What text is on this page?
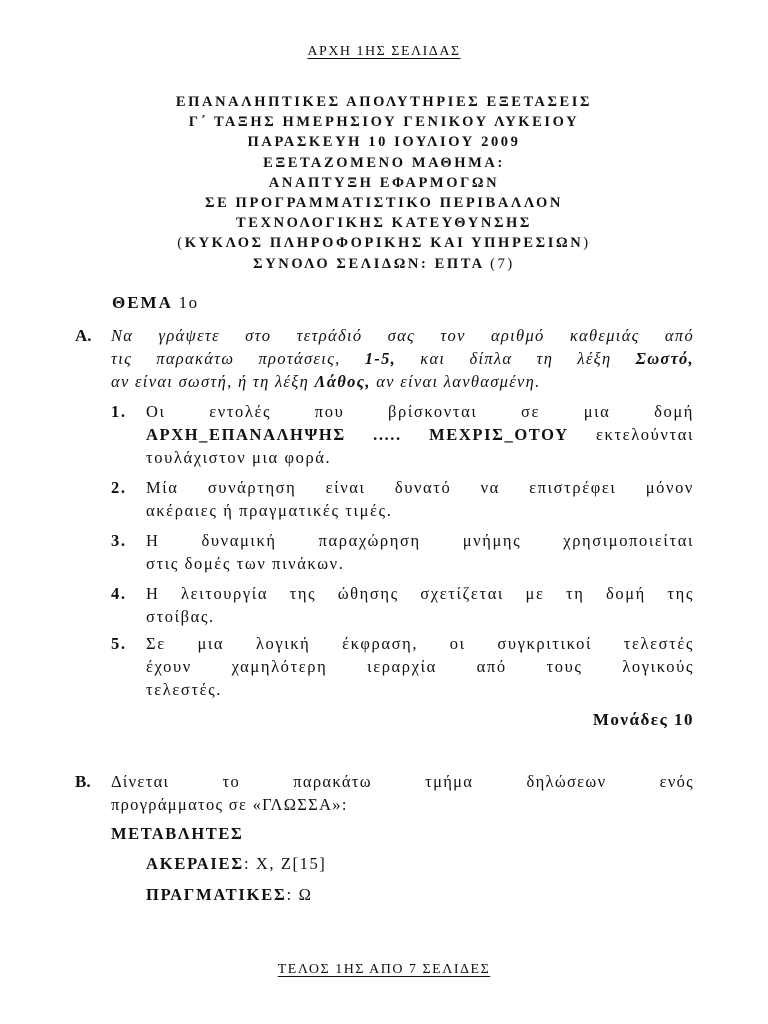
ΑΡΧΗ 1ΗΣ ΣΕΛΙΔΑΣ
ΕΠΑΝΑΛΗΠΤΙΚΕΣ ΑΠΟΛΥΤΗΡΙΕΣ ΕΞΕΤΑΣΕΙΣ
Γ΄ ΤΑΞΗΣ ΗΜΕΡΗΣΙΟΥ ΓΕΝΙΚΟΥ ΛΥΚΕΙΟΥ
ΠΑΡΑΣΚΕΥΗ 10 ΙΟΥΛΙΟΥ 2009
ΕΞΕΤΑΖΟΜΕΝΟ ΜΑΘΗΜΑ:
ΑΝΑΠΤΥΞΗ ΕΦΑΡΜΟΓΩΝ
ΣΕ ΠΡΟΓΡΑΜΜΑΤΙΣΤΙΚΟ ΠΕΡΙΒΑΛΛΟΝ
ΤΕΧΝΟΛΟΓΙΚΗΣ ΚΑΤΕΥΘΥΝΣΗΣ
(ΚΥΚΛΟΣ ΠΛΗΡΟΦΟΡΙΚΗΣ ΚΑΙ ΥΠΗΡΕΣΙΩΝ)
ΣΥΝΟΛΟ ΣΕΛΙΔΩΝ: ΕΠΤΑ (7)
ΘΕΜΑ 1ο
Α. Να γράψετε στο τετράδιό σας τον αριθμό καθεμιάς από
τις παρακάτω προτάσεις, 1-5, και δίπλα τη λέξη Σωστό,
αν είναι σωστή, ή τη λέξη Λάθος, αν είναι λανθασμένη.
1. Οι εντολές που βρίσκονται σε μια δομή
ΑΡΧΗ_ΕΠΑΝΑΛΗΨΗΣ ..... ΜΕΧΡΙΣ_ΟΤΟΥ εκτελούνται
τουλάχιστον μια φορά.
2. Μία συνάρτηση είναι δυνατό να επιστρέφει μόνον
ακέραιες ή πραγματικές τιμές.
3. Η δυναμική παραχώρηση μνήμης χρησιμοποιείται
στις δομές των πινάκων.
4. Η λειτουργία της ώθησης σχετίζεται με τη δομή της
στοίβας.
5. Σε μια λογική έκφραση, οι συγκριτικοί τελεστές
έχουν χαμηλότερη ιεραρχία από τους λογικούς
τελεστές.
Μονάδες 10
Β. Δίνεται το παρακάτω τμήμα δηλώσεων ενός
προγράμματος σε «ΓΛΩΣΣΑ»:
ΜΕΤΑΒΛΗΤΕΣ
ΑΚΕΡΑΙΕΣ: Χ, Ζ[15]
ΠΡΑΓΜΑΤΙΚΕΣ: Ω
ΤΕΛΟΣ 1ΗΣ ΑΠΟ 7 ΣΕΛΙΔΕΣ
